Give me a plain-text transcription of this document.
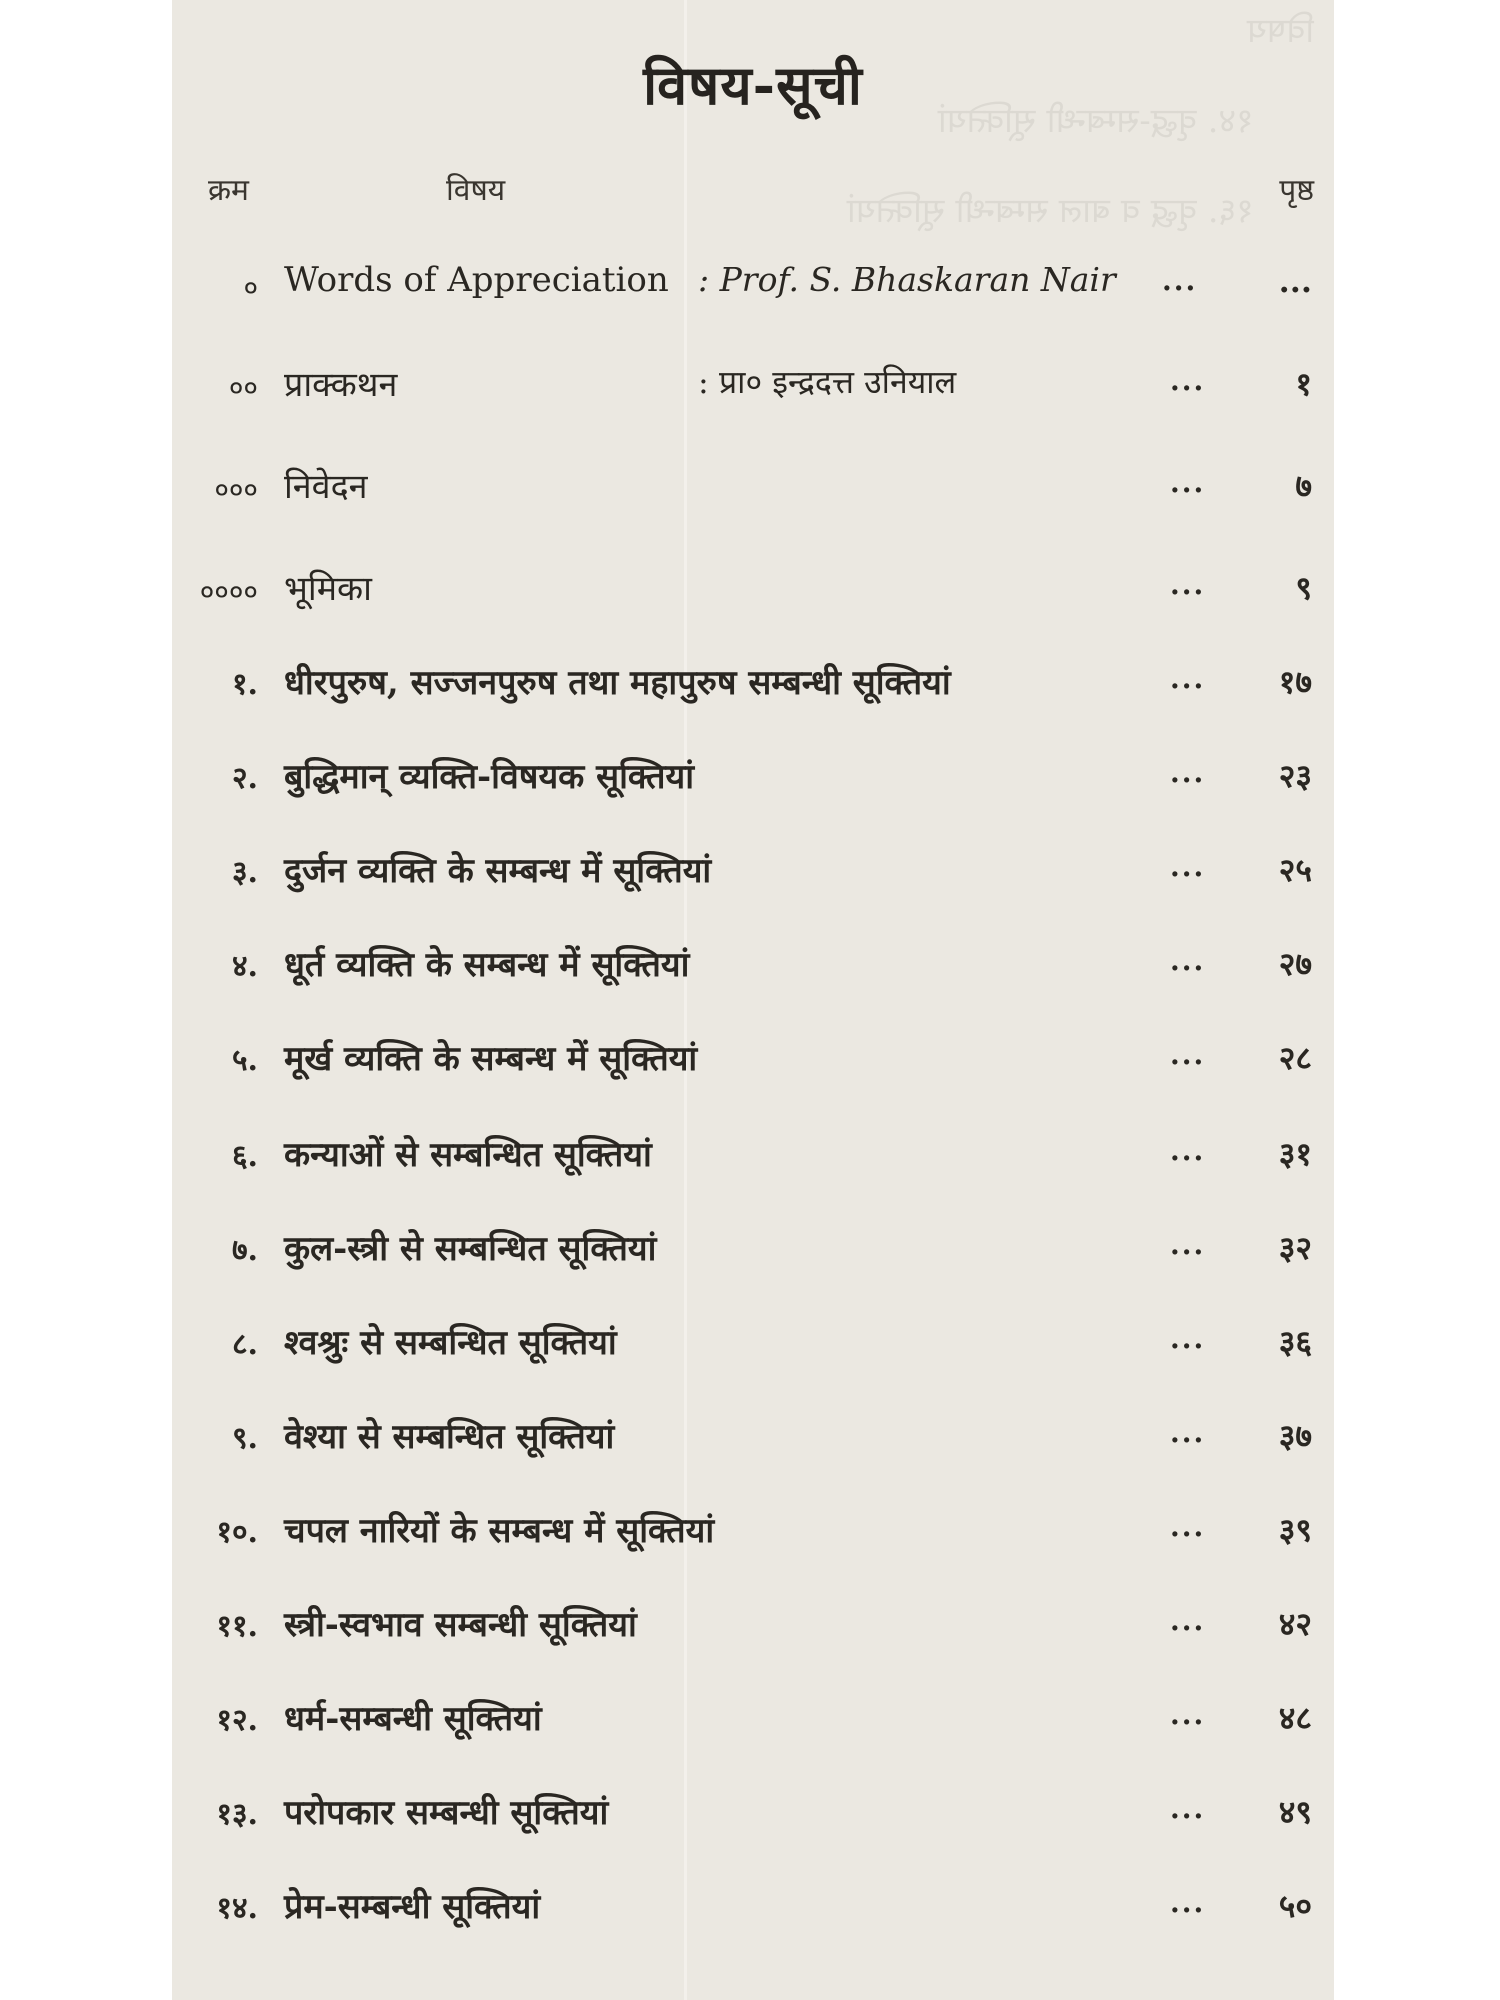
विषय
१४. वृद्ध-सम्बन्धी सूक्तियां
१६. वृद्ध व बाल सम्बन्धी सूक्तियां
विषय-सूची
क्रम	विषय	पृष्ठ
० Words of Appreciation : Prof. S. Bhaskaran Nair ...	...
०० प्राक्कथन	: प्रा० इन्द्रदत्त उनियाल	...	१
००० निवेदन	...	७
०००० भूमिका	...	९
१. धीरपुरुष, सज्जनपुरुष तथा महापुरुष सम्बन्धी सूक्तियां	... १७
२. बुद्धिमान् व्यक्ति-विषयक सूक्तियां	... २३
३. दुर्जन व्यक्ति के सम्बन्ध में सूक्तियां	... २५
४. धूर्त व्यक्ति के सम्बन्ध में सूक्तियां	... २७
५. मूर्ख व्यक्ति के सम्बन्ध में सूक्तियां	... २८
६. कन्याओं से सम्बन्धित सूक्तियां	... ३१
७. कुल-स्त्री से सम्बन्धित सूक्तियां	... ३२
८. श्वश्रुः से सम्बन्धित सूक्तियां	... ३६
९. वेश्या से सम्बन्धित सूक्तियां	... ३७
१०. चपल नारियों के सम्बन्ध में सूक्तियां	... ३९
११. स्त्री-स्वभाव सम्बन्धी सूक्तियां	... ४२
१२. धर्म-सम्बन्धी सूक्तियां	... ४८
१३. परोपकार सम्बन्धी सूक्तियां	... ४९
१४. प्रेम-सम्बन्धी सूक्तियां	... ५०
